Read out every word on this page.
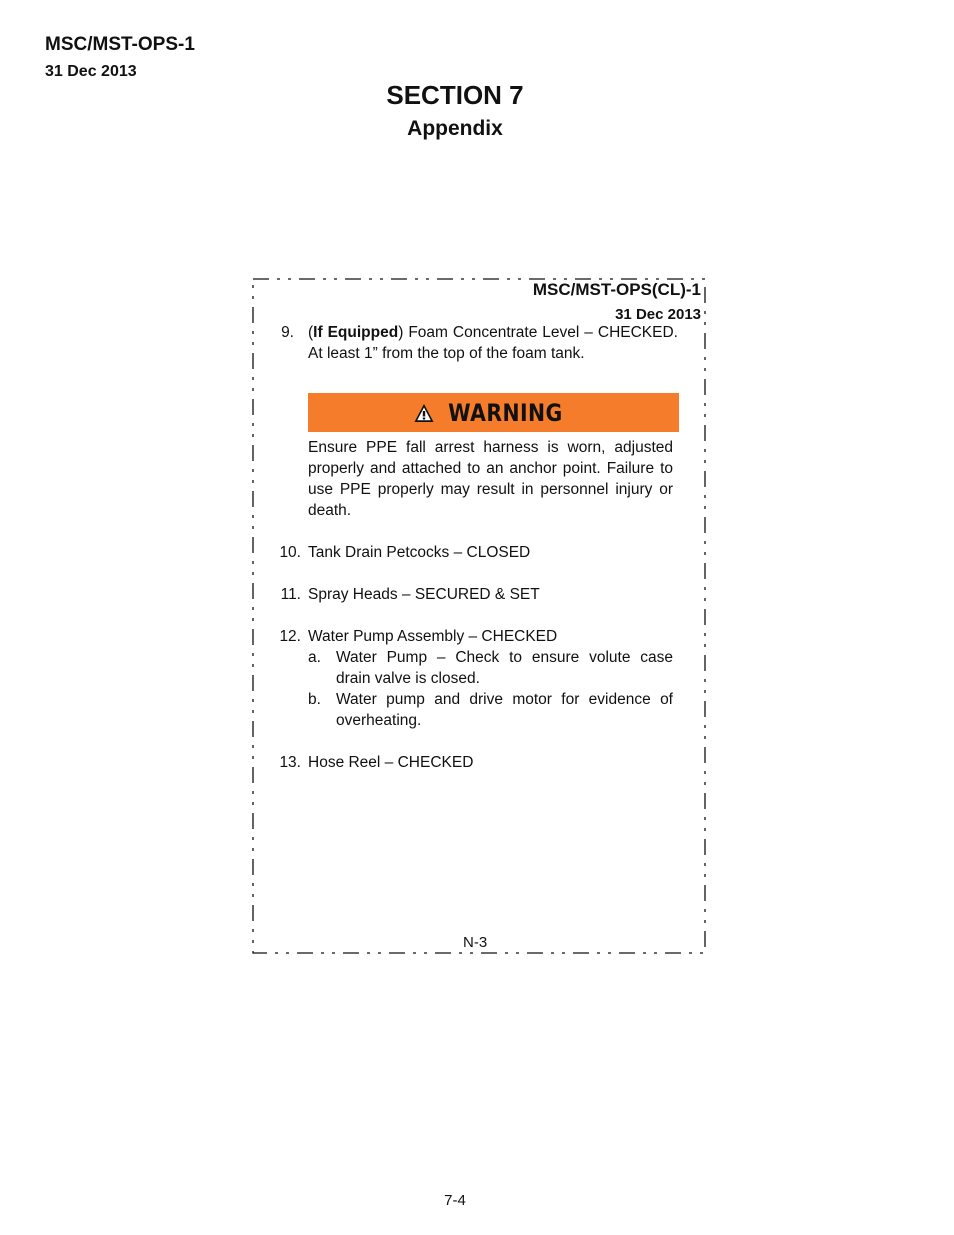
MSC/MST-OPS-1
31 Dec 2013
SECTION 7
Appendix
MSC/MST-OPS(CL)-1
31 Dec 2013
9. (If Equipped) Foam Concentrate Level – CHECKED. At least 1” from the top of the foam tank.
WARNING
Ensure PPE fall arrest harness is worn, adjusted properly and attached to an anchor point. Failure to use PPE properly may result in personnel injury or death.
10. Tank Drain Petcocks – CLOSED
11. Spray Heads – SECURED & SET
12. Water Pump Assembly – CHECKED
a. Water Pump – Check to ensure volute case drain valve is closed.
b. Water pump and drive motor for evidence of overheating.
13. Hose Reel – CHECKED
N-3
7-4
